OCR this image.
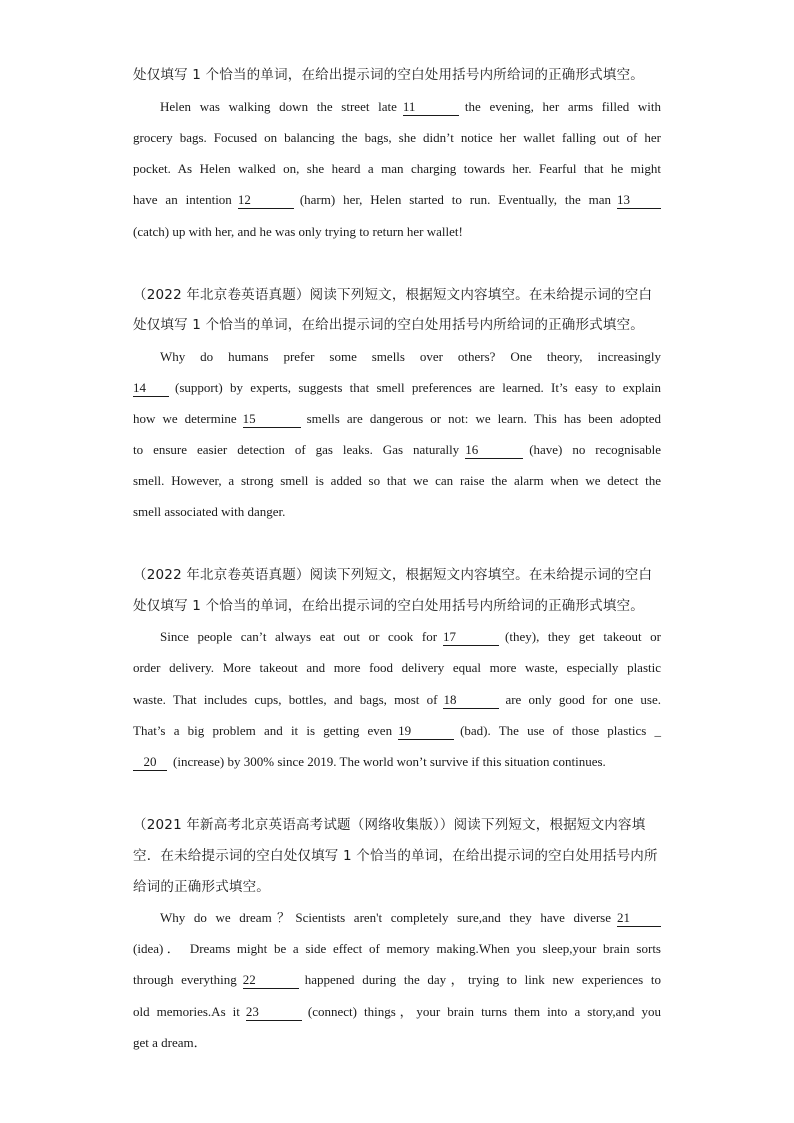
处仅填写 1 个恰当的单词，在给出提示词的空白处用括号内所给词的正确形式填空。
Helen was walking down the street late 11	the evening, her arms filled with
grocery bags. Focused on balancing the bags, she didn’t notice her wallet falling out of her
pocket. As Helen walked on, she heard a man charging towards her. Fearful that he might
have an intention 12	(harm) her, Helen started to run. Eventually, the man 13
(catch) up with her, and he was only trying to return her wallet!
（2022 年北京卷英语真题）阅读下列短文，根据短文内容填空。在未给提示词的空白
处仅填写 1 个恰当的单词，在给出提示词的空白处用括号内所给词的正确形式填空。
Why do humans prefer some smells over others? One theory, increasingly
14 (support) by experts, suggests that smell preferences are learned. It’s easy to explain
how we determine 15	smells are dangerous or not: we learn. This has been adopted
to ensure easier detection of gas leaks. Gas naturally 16	(have) no recognisable
smell. However, a strong smell is added so that we can raise the alarm when we detect the
smell associated with danger.
（2022 年北京卷英语真题）阅读下列短文，根据短文内容填空。在未给提示词的空白
处仅填写 1 个恰当的单词，在给出提示词的空白处用括号内所给词的正确形式填空。
Since people can’t always eat out or cook for 17	(they), they get takeout or
order delivery. More takeout and more food delivery equal more waste, especially plastic
waste. That includes cups, bottles, and bags, most of 18	are only good for one use.
That’s a big problem and it is getting even 19	(bad). The use of those plastics _
20 (increase) by 300% since 2019. The world won’t survive if this situation continues.
（2021 年新高考北京英语高考试题（网络收集版））阅读下列短文，根据短文内容填
空．在未给提示词的空白处仅填写 1 个恰当的单词，在给出提示词的空白处用括号内所
给词的正确形式填空。
Why do we dream？Scientists aren't completely sure,and they have diverse 21
(idea)． Dreams might be a side effect of memory making.When you sleep,your brain sorts
through everything 22	happened during the day，trying to link new experiences to
old memories.As it 23	(connect) things，your brain turns them into a story,and you
get a dream．
